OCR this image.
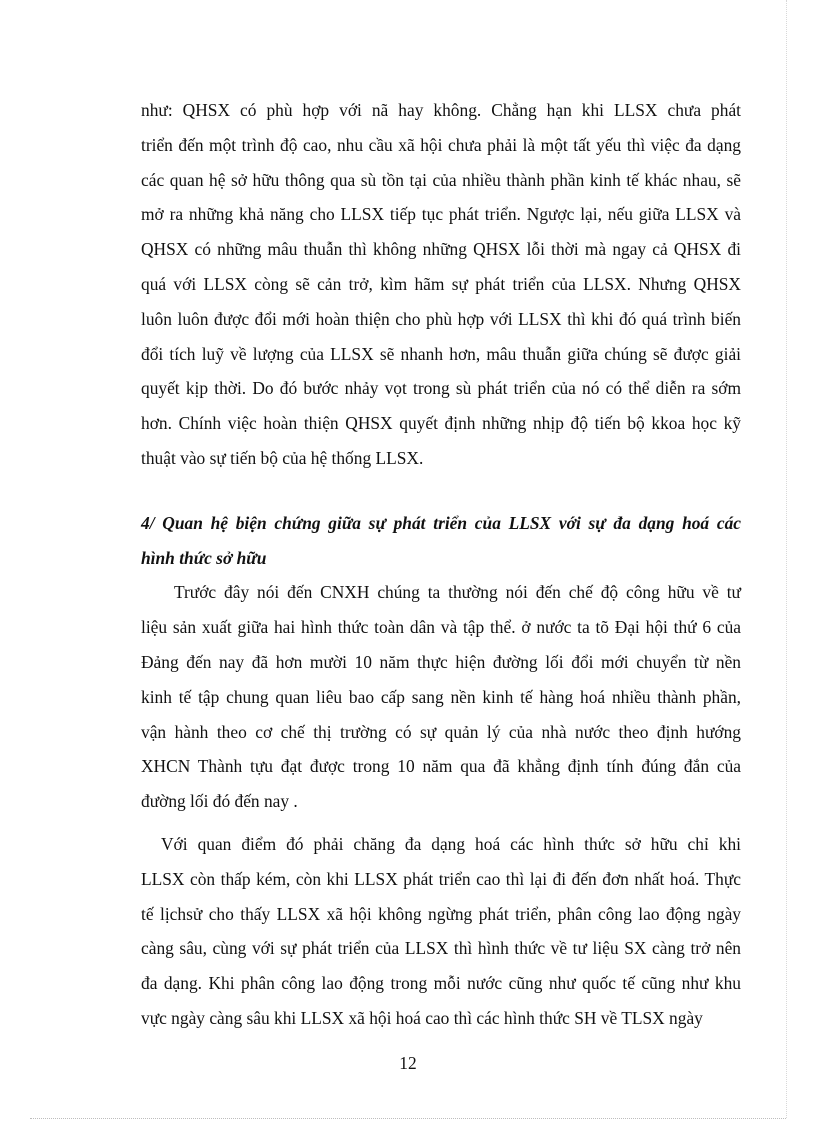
như: QHSX có phù hợp với nã hay không. Chẳng hạn khi LLSX chưa phát
triển đến một trình độ cao, nhu cầu xã hội chưa phải là một tất yếu thì việc đa dạng
các quan hệ sở hữu thông qua sù tồn tại của nhiều thành phần kinh tế khác nhau, sẽ
mở ra những khả năng cho LLSX tiếp tục phát triển. Ngược lại, nếu giữa LLSX và
QHSX có những mâu thuẫn thì không những QHSX lỗi thời mà ngay cả QHSX đi
quá với LLSX còng sẽ cản trở, kìm hãm sự phát triển của LLSX. Nhưng QHSX
luôn luôn được đổi mới hoàn thiện cho phù hợp với LLSX thì khi đó quá trình biến
đổi tích luỹ về lượng của LLSX sẽ nhanh hơn, mâu thuẫn giữa chúng sẽ được giải
quyết kịp thời. Do đó bước nhảy vọt trong sù phát triển của nó có thể diễn ra sớm
hơn. Chính việc hoàn thiện QHSX quyết định những nhịp độ tiến bộ kkoa học kỹ
thuật vào sự tiến bộ của hệ thống LLSX.

4/ Quan hệ biện chứng giữa sự phát triển của LLSX với sự đa dạng hoá các
hình thức sở hữu

Trước đây nói đến CNXH chúng ta thường nói đến chế độ công hữu về tư
liệu sản xuất giữa hai hình thức toàn dân và tập thể. ở nước ta tõ Đại hội thứ 6 của
Đảng đến nay đã hơn mười 10 năm thực hiện đường lối đổi mới chuyển từ nền
kinh tế tập chung quan liêu bao cấp sang nền kinh tế hàng hoá nhiều thành phần,
vận hành theo cơ chế thị trường có sự quản lý của nhà nước theo định hướng
XHCN Thành tựu đạt được trong 10 năm qua đã khẳng định tính đúng đắn của
đường lối đó đến nay .

Với quan điểm đó phải chăng đa dạng hoá các hình thức sở hữu chỉ khi
LLSX còn thấp kém, còn khi LLSX phát triển cao thì lại đi đến đơn nhất hoá. Thực
tế lịchsử cho thấy LLSX xã hội không ngừng phát triển, phân công lao động ngày
càng sâu, cùng với sự phát triển của LLSX thì hình thức về tư liệu SX càng trở nên
đa dạng. Khi phân công lao động trong mỗi nước cũng như quốc tế cũng như khu
vực ngày càng sâu khi LLSX xã hội hoá cao thì các hình thức SH về TLSX ngày

12
